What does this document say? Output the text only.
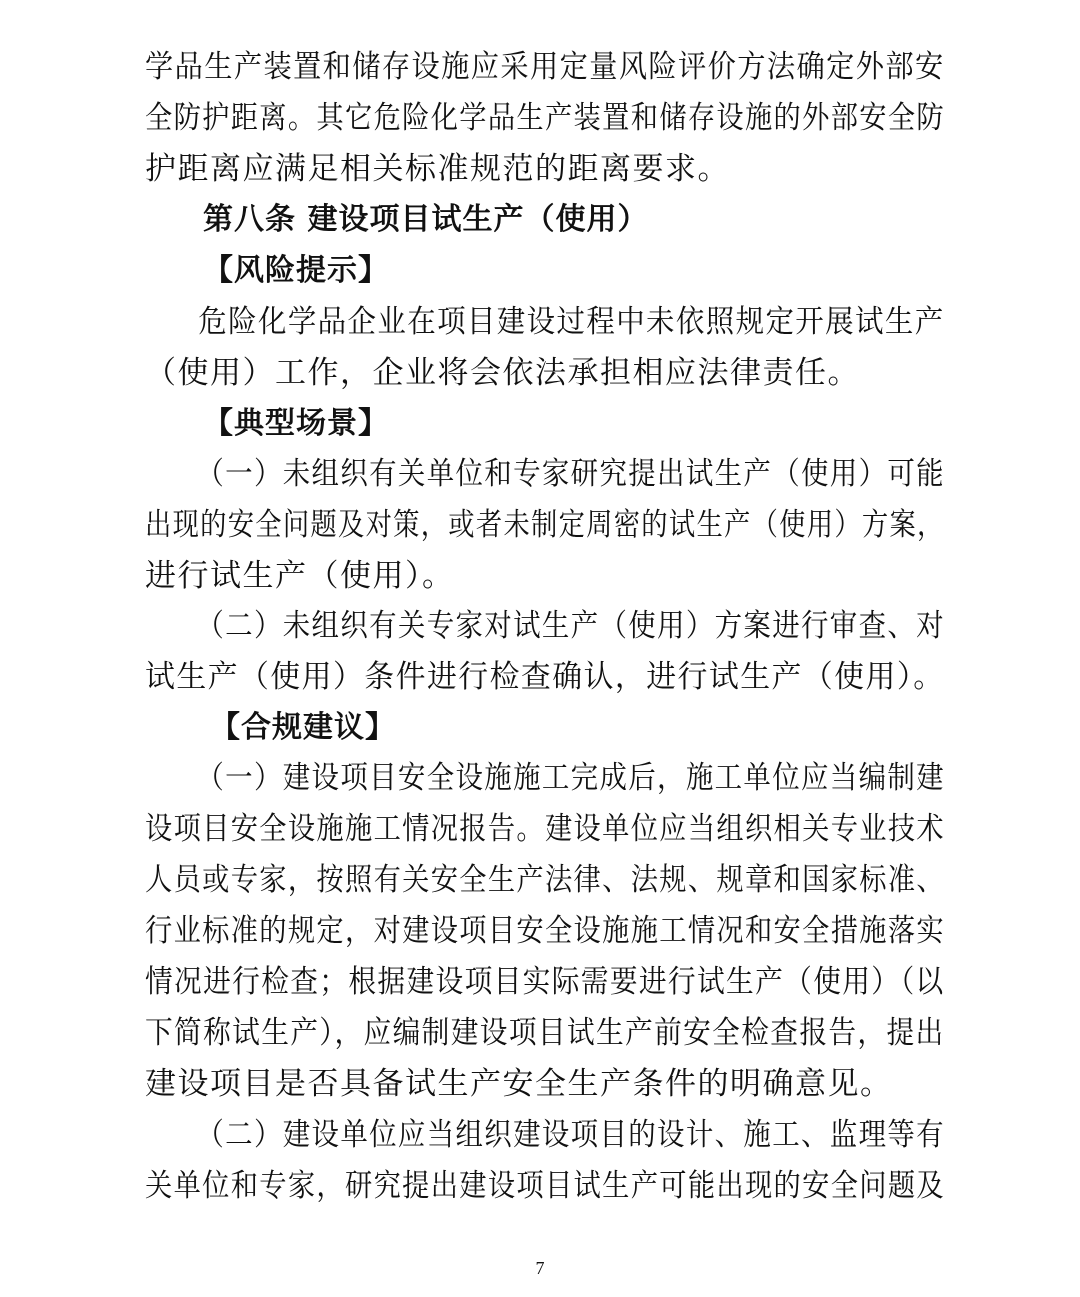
学品生产装置和储存设施应采用定量风险评价方法确定外部安
全防护距离。其它危险化学品生产装置和储存设施的外部安全防
护距离应满足相关标准规范的距离要求。
第八条 建设项目试生产（使用）
【风险提示】
危险化学品企业在项目建设过程中未依照规定开展试生产
（使用）工作，企业将会依法承担相应法律责任。
【典型场景】
（一）未组织有关单位和专家研究提出试生产（使用）可能
出现的安全问题及对策，或者未制定周密的试生产（使用）方案，
进行试生产（使用）。
（二）未组织有关专家对试生产（使用）方案进行审查、对
试生产（使用）条件进行检查确认，进行试生产（使用）。
【合规建议】
（一）建设项目安全设施施工完成后，施工单位应当编制建
设项目安全设施施工情况报告。建设单位应当组织相关专业技术
人员或专家，按照有关安全生产法律、法规、规章和国家标准、
行业标准的规定，对建设项目安全设施施工情况和安全措施落实
情况进行检查；根据建设项目实际需要进行试生产（使用）（以
下简称试生产），应编制建设项目试生产前安全检查报告，提出
建设项目是否具备试生产安全生产条件的明确意见。
（二）建设单位应当组织建设项目的设计、施工、监理等有
关单位和专家，研究提出建设项目试生产可能出现的安全问题及
7
